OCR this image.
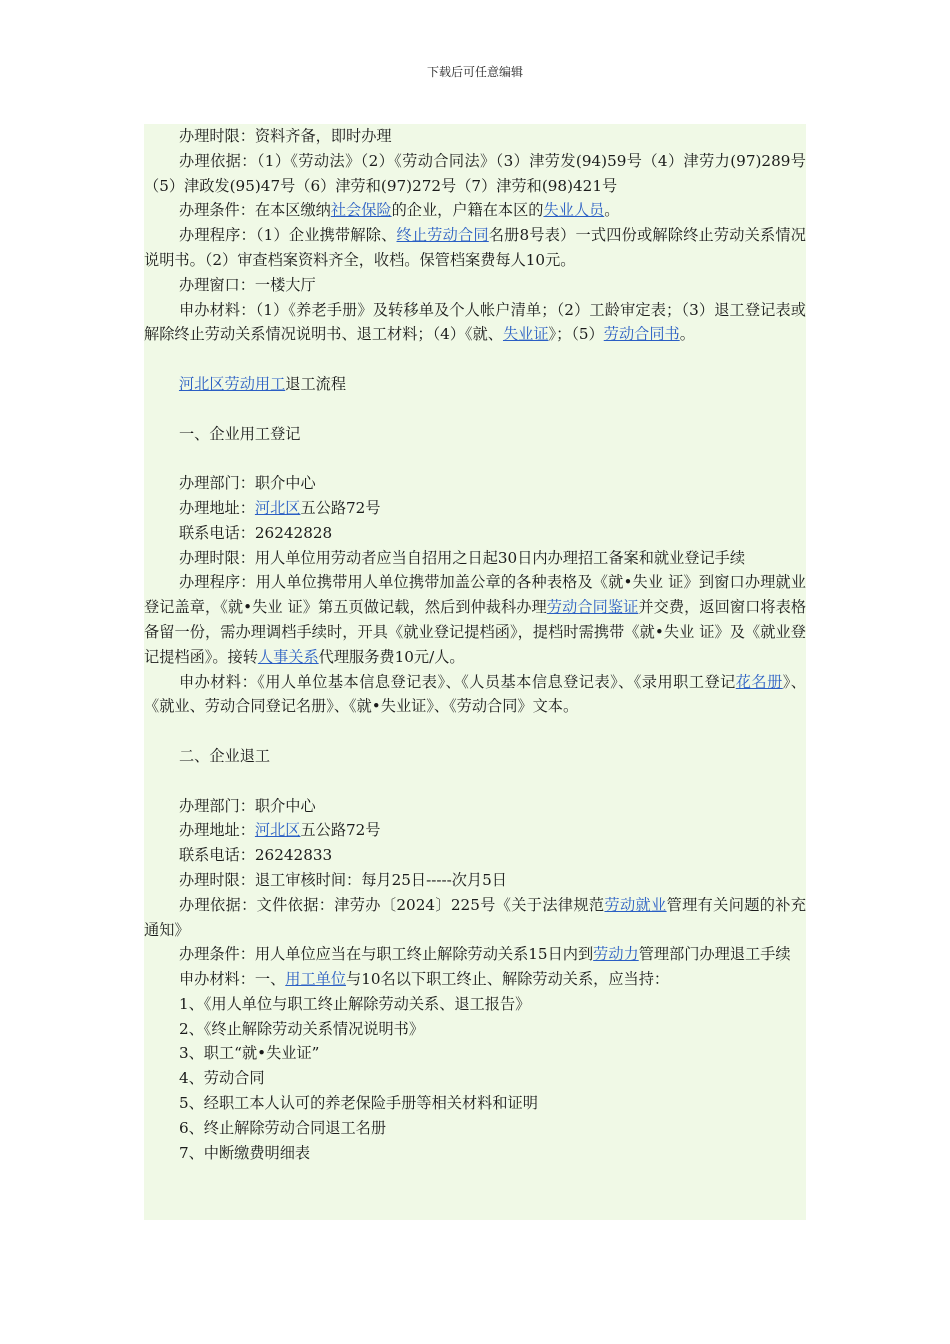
下载后可任意编辑

办理时限：资料齐备，即时办理

办理依据：（1）《劳动法》（2）《劳动合同法》（3）津劳发(94)59号（4）津劳力(97)289号（5）津政发(95)47号（6）津劳和(97)272号（7）津劳和(98)421号

办理条件：在本区缴纳社会保险的企业，户籍在本区的失业人员。

办理程序：（1）企业携带解除、终止劳动合同名册8号表）一式四份或解除终止劳动关系情况说明书。（2）审查档案资料齐全，收档。保管档案费每人10元。

办理窗口：一楼大厅

申办材料：（1）《养老手册》及转移单及个人帐户清单；（2）工龄审定表；（3）退工登记表或解除终止劳动关系情况说明书、退工材料；（4）《就、失业证》；（5）劳动合同书。

河北区劳动用工退工流程

一、企业用工登记

办理部门：职介中心

办理地址：河北区五公路72号

联系电话：26242828

办理时限：用人单位用劳动者应当自招用之日起30日内办理招工备案和就业登记手续

办理程序：用人单位携带用人单位携带加盖公章的各种表格及《就•失业 证》到窗口办理就业登记盖章，《就•失业 证》第五页做记载，然后到仲裁科办理劳动合同鉴证并交费，返回窗口将表格备留一份，需办理调档手续时，开具《就业登记提档函》，提档时需携带《就•失业 证》及《就业登记提档函》。接转人事关系代理服务费10元/人。

申办材料：《用人单位基本信息登记表》、《人员基本信息登记表》、《录用职工登记花名册》、《就业、劳动合同登记名册》、《就•失业证》、《劳动合同》文本。

二、企业退工

办理部门：职介中心

办理地址：河北区五公路72号

联系电话：26242833

办理时限：退工审核时间：每月25日-----次月5日

办理依据：文件依据：津劳办〔2024〕225号《关于法律规范劳动就业管理有关问题的补充通知》

办理条件：用人单位应当在与职工终止解除劳动关系15日内到劳动力管理部门办理退工手续

申办材料：一、用工单位与10名以下职工终止、解除劳动关系，应当持：

1、《用人单位与职工终止解除劳动关系、退工报告》

2、《终止解除劳动关系情况说明书》

3、职工“就•失业证”

4、劳动合同

5、经职工本人认可的养老保险手册等相关材料和证明

6、终止解除劳动合同退工名册

7、中断缴费明细表
